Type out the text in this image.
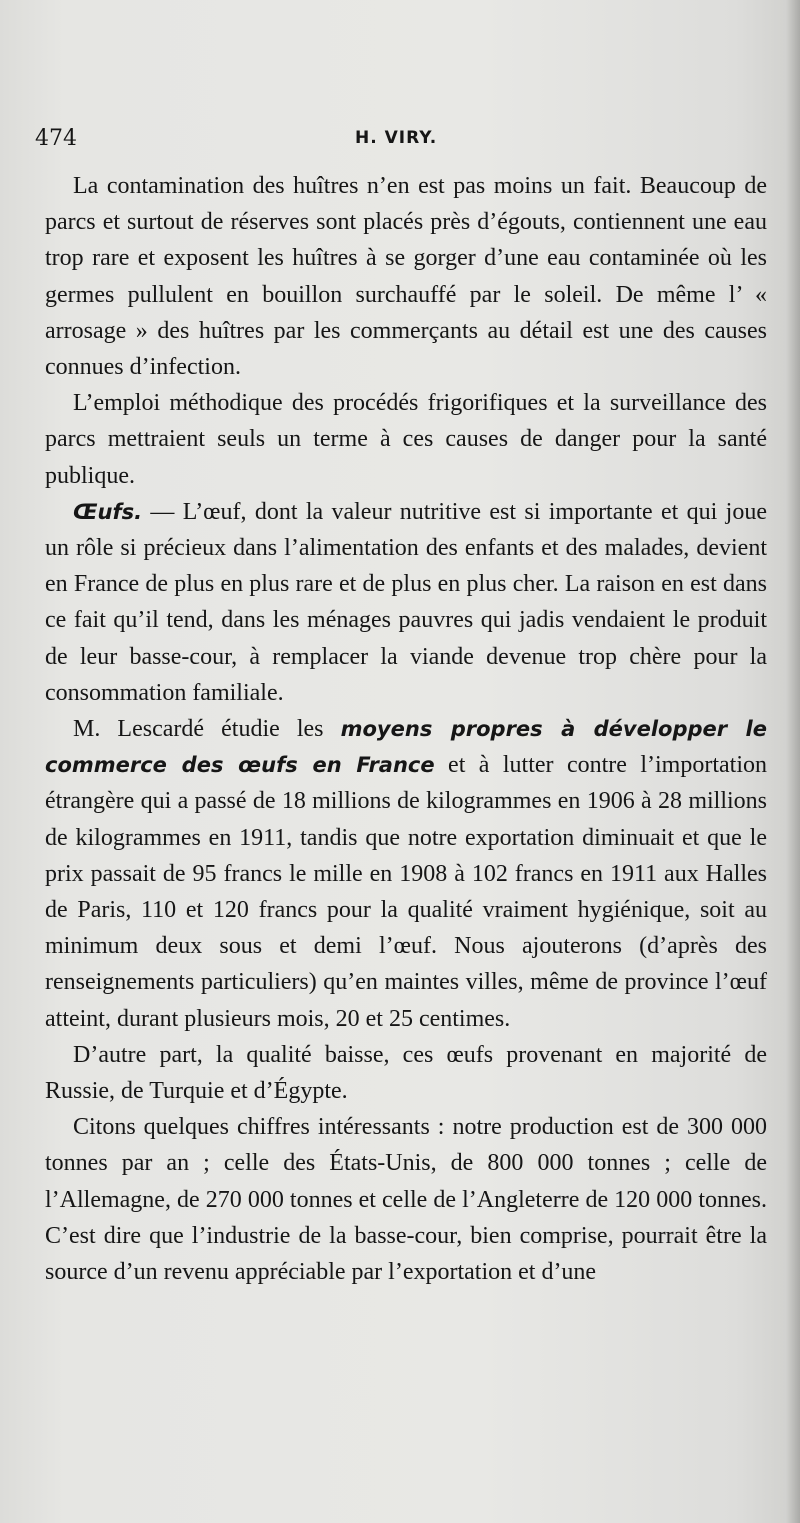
474	H. VIRY.

La contamination des huîtres n’en est pas moins un fait. Beaucoup de parcs et surtout de réserves sont placés près d’égouts, contiennent une eau trop rare et exposent les huîtres à se gorger d’une eau contaminée où les germes pullulent en bouillon surchauffé par le soleil. De même l’ « arrosage » des huîtres par les commerçants au détail est une des causes connues d’infection.

L’emploi méthodique des procédés frigorifiques et la surveillance des parcs mettraient seuls un terme à ces causes de danger pour la santé publique.

Œufs. — L’œuf, dont la valeur nutritive est si importante et qui joue un rôle si précieux dans l’alimentation des enfants et des malades, devient en France de plus en plus rare et de plus en plus cher. La raison en est dans ce fait qu’il tend, dans les ménages pauvres qui jadis vendaient le produit de leur basse-cour, à remplacer la viande devenue trop chère pour la consommation familiale.

M. Lescardé étudie les moyens propres à développer le commerce des œufs en France et à lutter contre l’importation étrangère qui a passé de 18 millions de kilogrammes en 1906 à 28 millions de kilogrammes en 1911, tandis que notre exportation diminuait et que le prix passait de 95 francs le mille en 1908 à 102 francs en 1911 aux Halles de Paris, 110 et 120 francs pour la qualité vraiment hygiénique, soit au minimum deux sous et demi l’œuf. Nous ajouterons (d’après des renseignements particuliers) qu’en maintes villes, même de province l’œuf atteint, durant plusieurs mois, 20 et 25 centimes.

D’autre part, la qualité baisse, ces œufs provenant en majorité de Russie, de Turquie et d’Égypte.

Citons quelques chiffres intéressants : notre production est de 300 000 tonnes par an ; celle des États-Unis, de 800 000 tonnes ; celle de l’Allemagne, de 270 000 tonnes et celle de l’Angleterre de 120 000 tonnes. C’est dire que l’industrie de la basse-cour, bien comprise, pourrait être la source d’un revenu appréciable par l’exportation et d’une
